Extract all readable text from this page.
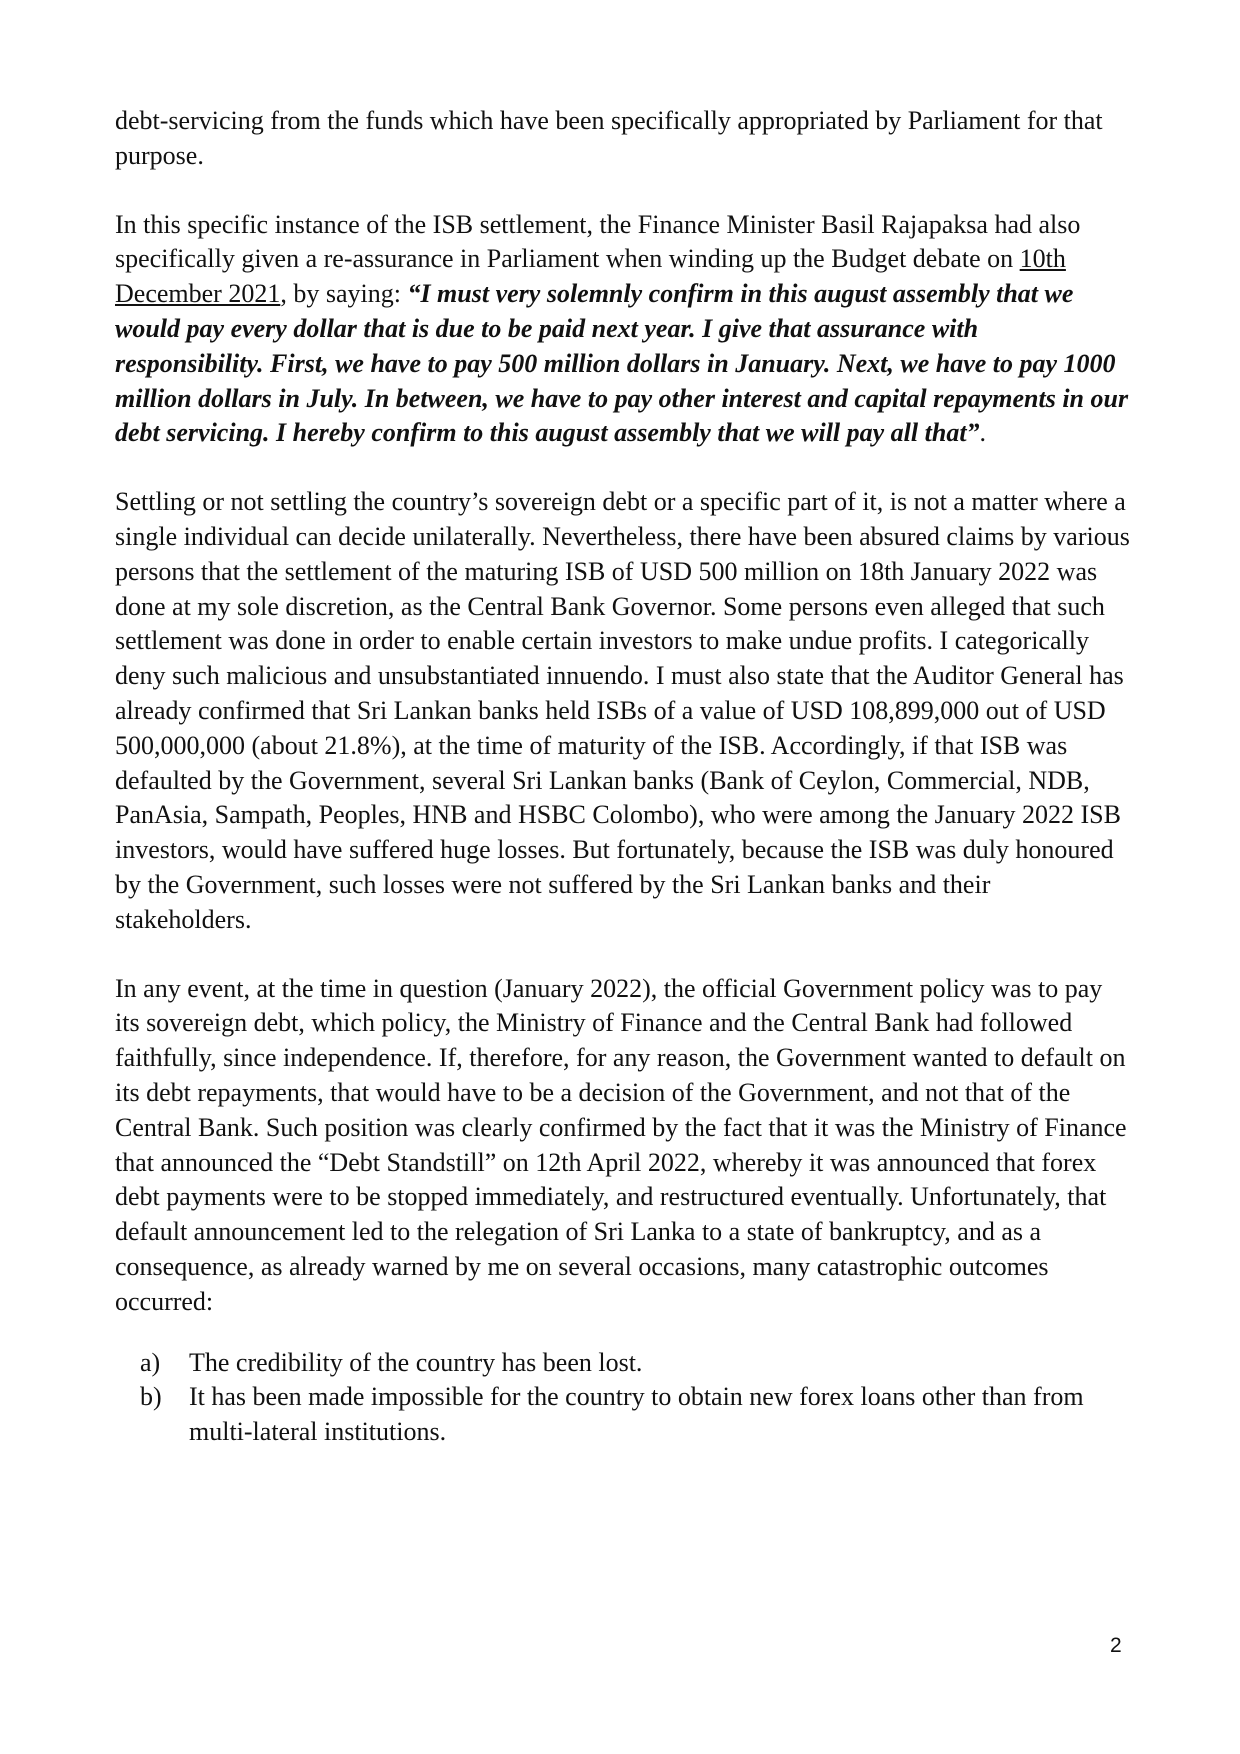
debt-servicing from the funds which have been specifically appropriated by Parliament for that purpose.

In this specific instance of the ISB settlement, the Finance Minister Basil Rajapaksa had also specifically given a re-assurance in Parliament when winding up the Budget debate on 10th December 2021, by saying: “I must very solemnly confirm in this august assembly that we would pay every dollar that is due to be paid next year. I give that assurance with responsibility. First, we have to pay 500 million dollars in January. Next, we have to pay 1000 million dollars in July. In between, we have to pay other interest and capital repayments in our debt servicing. I hereby confirm to this august assembly that we will pay all that”.

Settling or not settling the country’s sovereign debt or a specific part of it, is not a matter where a single individual can decide unilaterally. Nevertheless, there have been absured claims by various persons that the settlement of the maturing ISB of USD 500 million on 18th January 2022 was done at my sole discretion, as the Central Bank Governor. Some persons even alleged that such settlement was done in order to enable certain investors to make undue profits. I categorically deny such malicious and unsubstantiated innuendo. I must also state that the Auditor General has already confirmed that Sri Lankan banks held ISBs of a value of USD 108,899,000 out of USD 500,000,000 (about 21.8%), at the time of maturity of the ISB. Accordingly, if that ISB was defaulted by the Government, several Sri Lankan banks (Bank of Ceylon, Commercial, NDB, PanAsia, Sampath, Peoples, HNB and HSBC Colombo), who were among the January 2022 ISB investors, would have suffered huge losses. But fortunately, because the ISB was duly honoured by the Government, such losses were not suffered by the Sri Lankan banks and their stakeholders.

In any event, at the time in question (January 2022), the official Government policy was to pay its sovereign debt, which policy, the Ministry of Finance and the Central Bank had followed faithfully, since independence. If, therefore, for any reason, the Government wanted to default on its debt repayments, that would have to be a decision of the Government, and not that of the Central Bank. Such position was clearly confirmed by the fact that it was the Ministry of Finance that announced the “Debt Standstill” on 12th April 2022, whereby it was announced that forex debt payments were to be stopped immediately, and restructured eventually. Unfortunately, that default announcement led to the relegation of Sri Lanka to a state of bankruptcy, and as a consequence, as already warned by me on several occasions, many catastrophic outcomes occurred:

a) The credibility of the country has been lost.
b) It has been made impossible for the country to obtain new forex loans other than from multi-lateral institutions.
2
